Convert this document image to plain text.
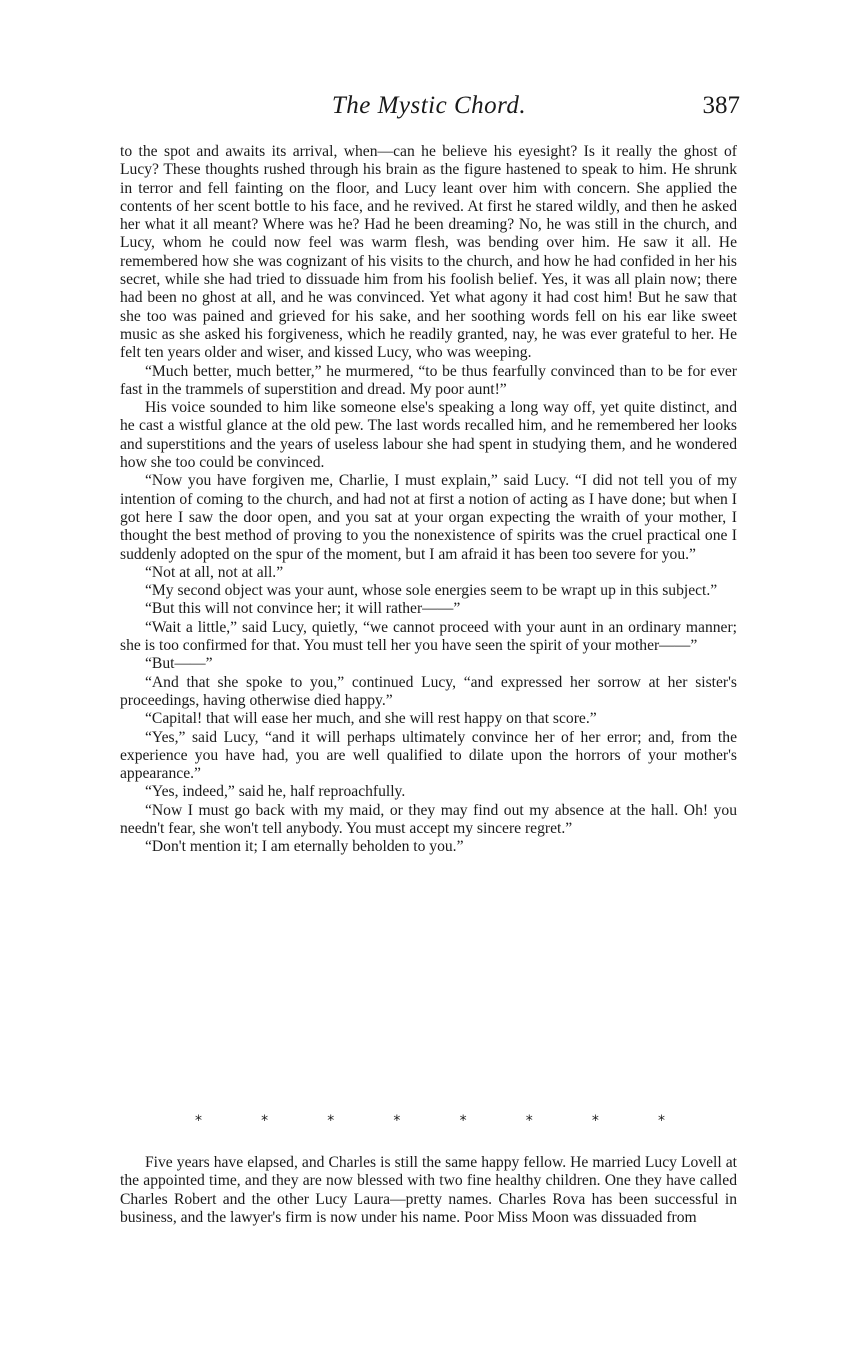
The Mystic Chord.	387

to the spot and awaits its arrival, when—can he believe his eyesight? Is it really the ghost of Lucy? These thoughts rushed through his brain as the figure hastened to speak to him. He shrunk in terror and fell fainting on the floor, and Lucy leant over him with concern. She applied the contents of her scent bottle to his face, and he revived. At first he stared wildly, and then he asked her what it all meant? Where was he? Had he been dreaming? No, he was still in the church, and Lucy, whom he could now feel was warm flesh, was bending over him. He saw it all. He remembered how she was cognizant of his visits to the church, and how he had confided in her his secret, while she had tried to dissuade him from his foolish belief. Yes, it was all plain now; there had been no ghost at all, and he was convinced. Yet what agony it had cost him! But he saw that she too was pained and grieved for his sake, and her soothing words fell on his ear like sweet music as she asked his forgiveness, which he readily granted, nay, he was ever grateful to her. He felt ten years older and wiser, and kissed Lucy, who was weeping.

“Much better, much better,” he murmered, “to be thus fearfully convinced than to be for ever fast in the trammels of superstition and dread. My poor aunt!”

His voice sounded to him like someone else's speaking a long way off, yet quite distinct, and he cast a wistful glance at the old pew. The last words recalled him, and he remembered her looks and superstitions and the years of useless labour she had spent in studying them, and he wondered how she too could be convinced.

“Now you have forgiven me, Charlie, I must explain,” said Lucy. “I did not tell you of my intention of coming to the church, and had not at first a notion of acting as I have done; but when I got here I saw the door open, and you sat at your organ expecting the wraith of your mother, I thought the best method of proving to you the nonexistence of spirits was the cruel practical one I suddenly adopted on the spur of the moment, but I am afraid it has been too severe for you.”

“Not at all, not at all.”

“My second object was your aunt, whose sole energies seem to be wrapt up in this subject.”

“But this will not convince her; it will rather——”

“Wait a little,” said Lucy, quietly, “we cannot proceed with your aunt in an ordinary manner; she is too confirmed for that. You must tell her you have seen the spirit of your mother——”

“But——”

“And that she spoke to you,” continued Lucy, “and expressed her sorrow at her sister's proceedings, having otherwise died happy.”

“Capital! that will ease her much, and she will rest happy on that score.”

“Yes,” said Lucy, “and it will perhaps ultimately convince her of her error; and, from the experience you have had, you are well qualified to dilate upon the horrors of your mother's appearance.”

“Yes, indeed,” said he, half reproachfully.

“Now I must go back with my maid, or they may find out my absence at the hall. Oh! you needn't fear, she won't tell anybody. You must accept my sincere regret.”

“Don't mention it; I am eternally beholden to you.”

*	*	*	*	*	*	*	*

Five years have elapsed, and Charles is still the same happy fellow. He married Lucy Lovell at the appointed time, and they are now blessed with two fine healthy children. One they have called Charles Robert and the other Lucy Laura—pretty names. Charles Rova has been successful in business, and the lawyer's firm is now under his name. Poor Miss Moon was dissuaded from
